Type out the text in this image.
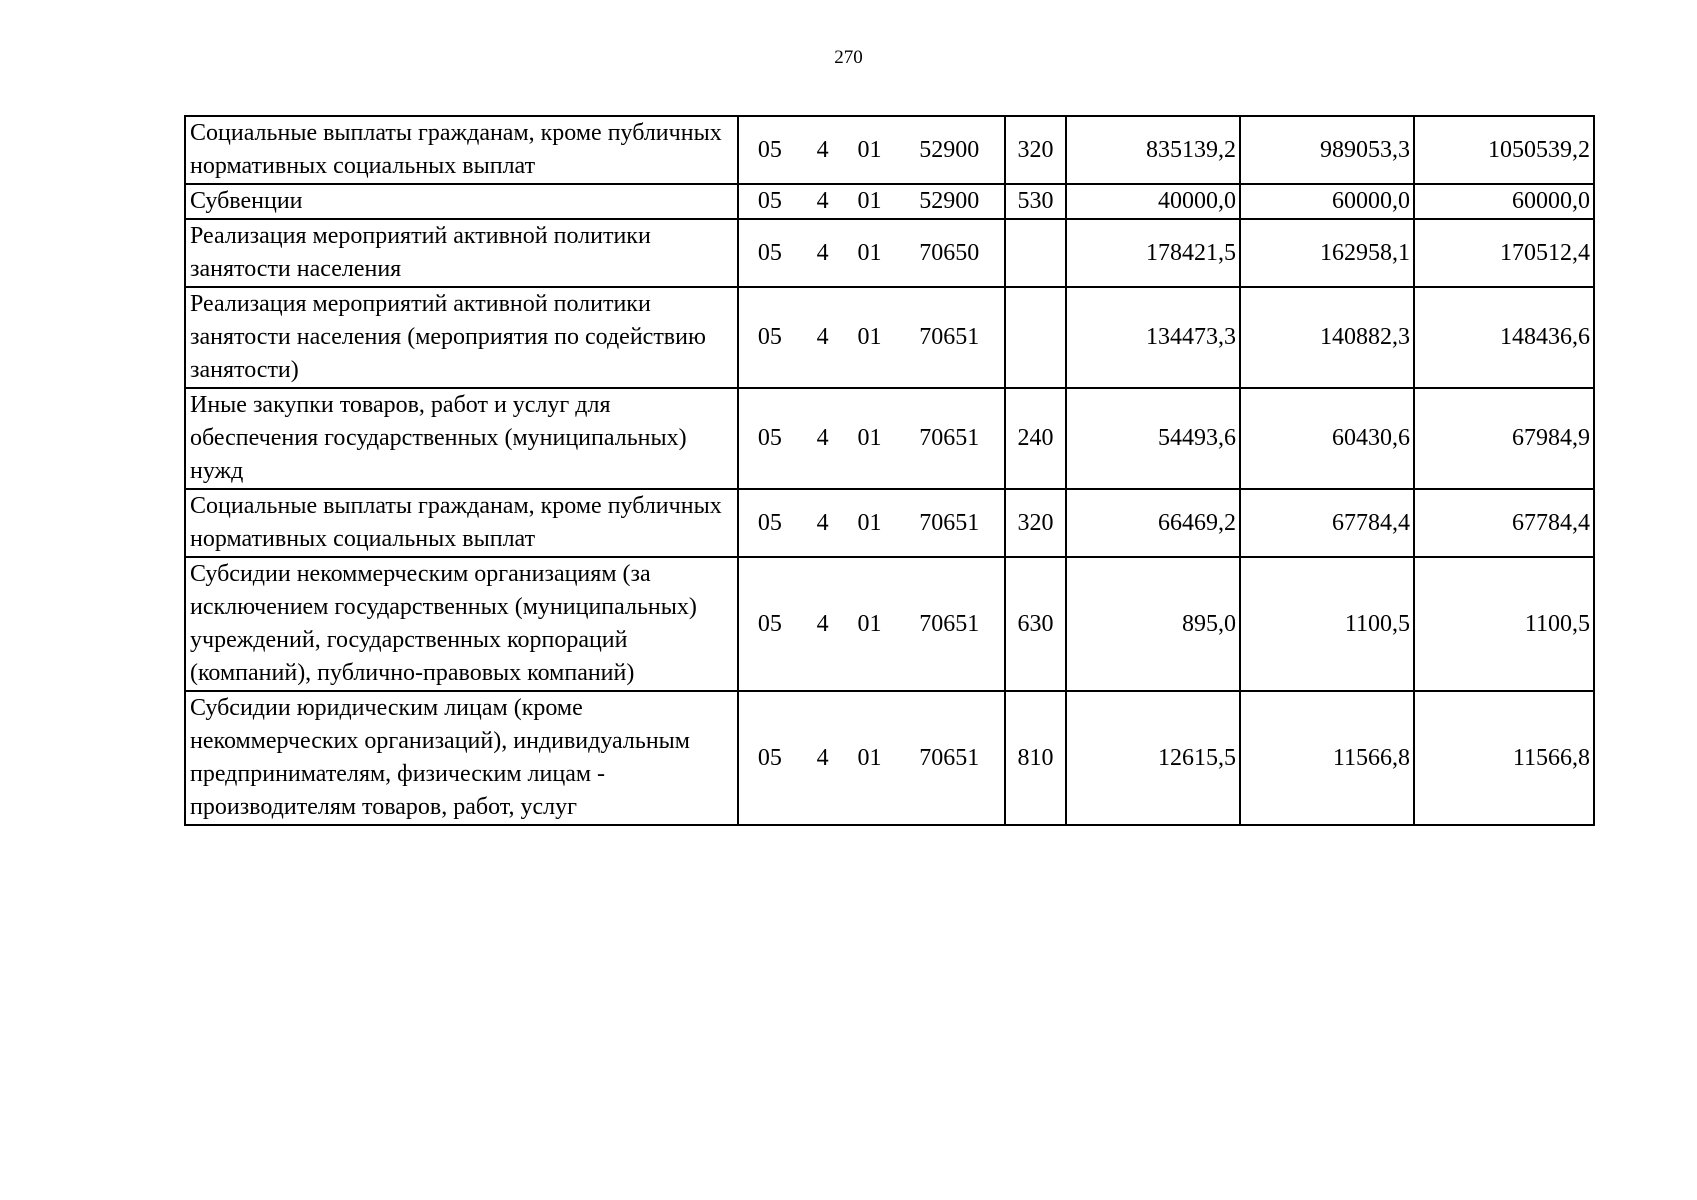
270
Социальные выплаты гражданам, кроме публичных нормативных социальных выплат	05 4 01 52900	320	835139,2	989053,3	1050539,2
Субвенции	05 4 01 52900	530	40000,0	60000,0	60000,0
Реализация мероприятий активной политики занятости населения	05 4 01 70650		178421,5	162958,1	170512,4
Реализация мероприятий активной политики занятости населения (мероприятия по содействию занятости)	05 4 01 70651		134473,3	140882,3	148436,6
Иные закупки товаров, работ и услуг для обеспечения государственных (муниципальных) нужд	05 4 01 70651	240	54493,6	60430,6	67984,9
Социальные выплаты гражданам, кроме публичных нормативных социальных выплат	05 4 01 70651	320	66469,2	67784,4	67784,4
Субсидии некоммерческим организациям (за исключением государственных (муниципальных) учреждений, государственных корпораций (компаний), публично-правовых компаний)	05 4 01 70651	630	895,0	1100,5	1100,5
Субсидии юридическим лицам (кроме некоммерческих организаций), индивидуальным предпринимателям, физическим лицам - производителям товаров, работ, услуг	05 4 01 70651	810	12615,5	11566,8	11566,8
